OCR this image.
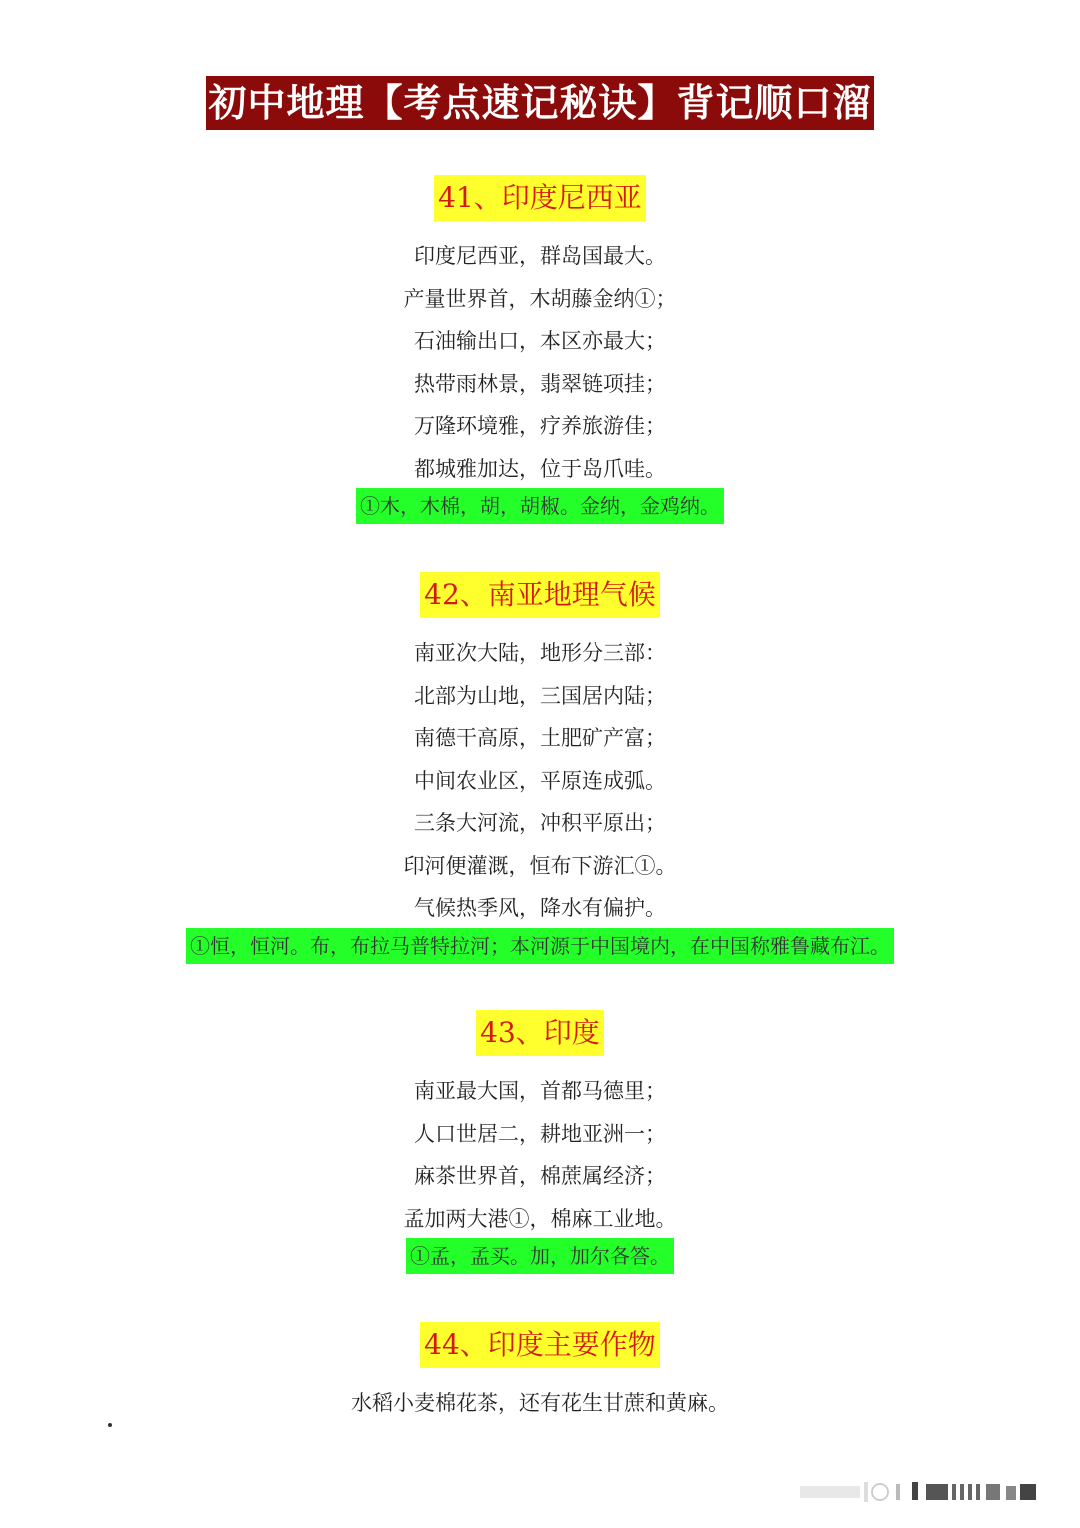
初中地理【考点速记秘诀】背记顺口溜
41、印度尼西亚
印度尼西亚，群岛国最大。
产量世界首，木胡藤金纳①；
石油输出口，本区亦最大；
热带雨林景，翡翠链项挂；
万隆环境雅，疗养旅游佳；
都城雅加达，位于岛爪哇。
①木，木棉，胡，胡椒。金纳，金鸡纳。
42、南亚地理气候
南亚次大陆，地形分三部：
北部为山地，三国居内陆；
南德干高原，土肥矿产富；
中间农业区，平原连成弧。
三条大河流，冲积平原出；
印河便灌溉，恒布下游汇①。
气候热季风，降水有偏护。
①恒，恒河。布，布拉马普特拉河；本河源于中国境内，在中国称雅鲁藏布江。
43、印度
南亚最大国，首都马德里；
人口世居二，耕地亚洲一；
麻茶世界首，棉蔗属经济；
孟加两大港①，棉麻工业地。
①孟，孟买。加，加尔各答。
44、印度主要作物
水稻小麦棉花茶，还有花生甘蔗和黄麻。
